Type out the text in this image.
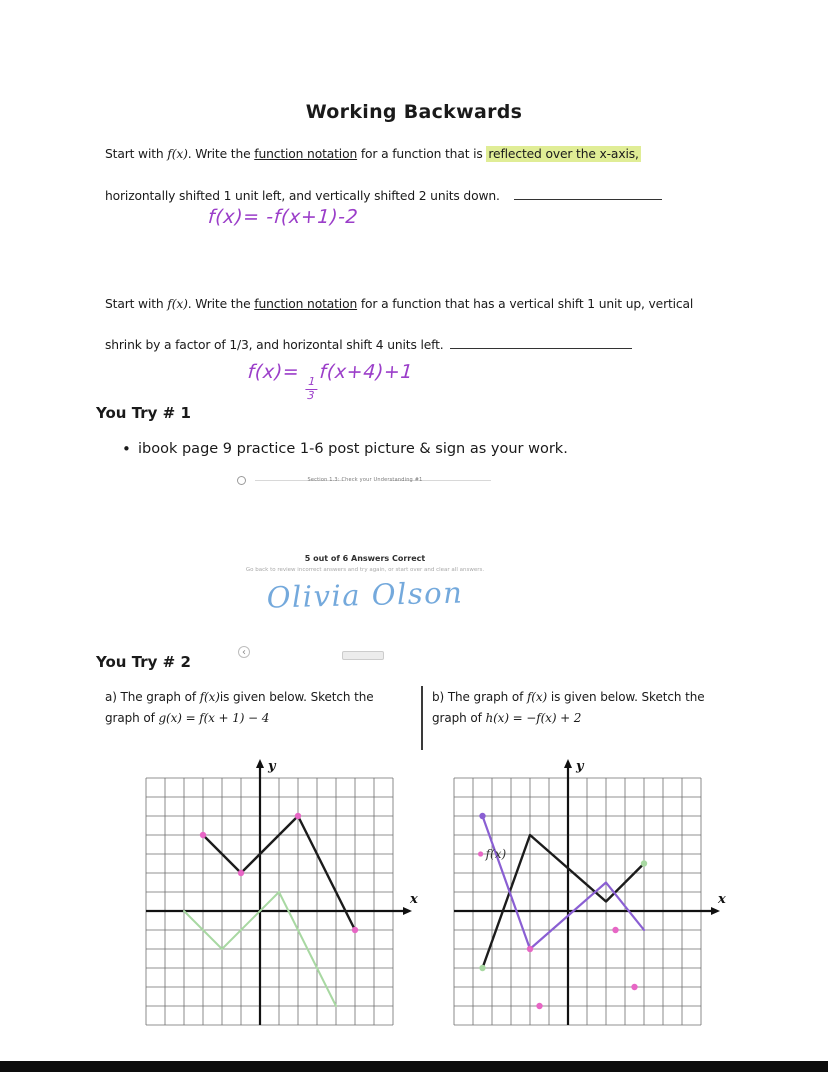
Working Backwards
Start with f(x). Write the function notation for a function that is reflected over the x-axis,
horizontally shifted 1 unit left, and vertically shifted 2 units down.
f(x)= -f(x+1)-2
Start with f(x). Write the function notation for a function that has a vertical shift 1 unit up, vertical
shrink by a factor of 1/3, and horizontal shift 4 units left.
f(x)=
$\frac{1}{3}$
f(x+4)+1
You Try # 1
• ibook page 9 practice 1-6 post picture & sign as your work.
Section 1.3: Check your Understanding #1
5 out of 6 Answers Correct
Go back to review incorrect answers and try again, or start over and clear all answers.
Olivia Olson
‹
You Try # 2
a) The graph of f(x)is given below. Sketch the
graph of g(x) = f(x + 1) − 4
b) The graph of f(x) is given below. Sketch the
graph of h(x) = −f(x) + 2
y
x
y
x
f(x)
